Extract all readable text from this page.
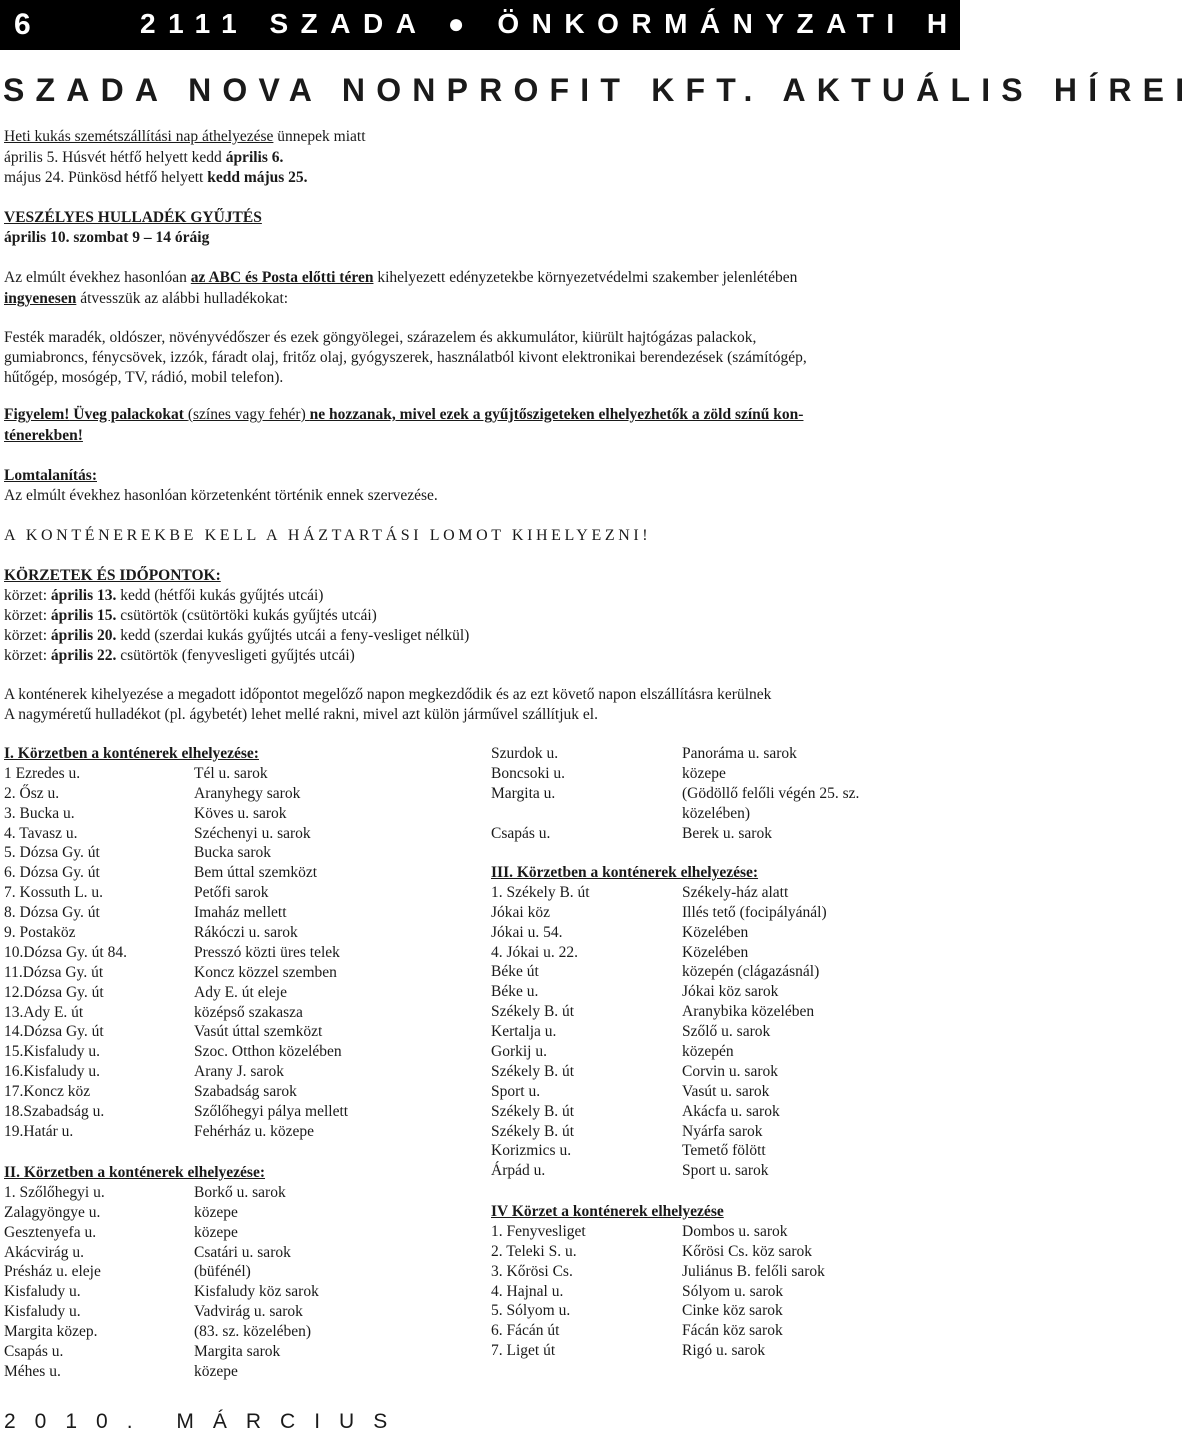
6	2111 SZADA ● ÖNKORMÁNYZATI HÍREK
SZADA NOVA NONPROFIT KFT. AKTUÁLIS HÍREI
Heti kukás szemétszállítási nap áthelyezése ünnepek miatt
április 5. Húsvét hétfő helyett kedd április 6.
május 24. Pünkösd hétfő helyett kedd május 25.
VESZÉLYES HULLADÉK GYŰJTÉS
április 10. szombat 9 – 14 óráig
Az elmúlt évekhez hasonlóan az ABC és Posta előtti téren kihelyezett edényzetekbe környezetvédelmi szakember jelenlétében
ingyenesen átvesszük az alábbi hulladékokat:
Festék maradék, oldószer, növényvédőszer és ezek göngyölegei, szárazelem és akkumulátor, kiürült hajtógázas palackok,
gumiabroncs, fénycsövek, izzók, fáradt olaj, fritőz olaj, gyógyszerek, használatból kivont elektronikai berendezések (számítógép,
hűtőgép, mosógép, TV, rádió, mobil telefon).
Figyelem! Üveg palackokat (színes vagy fehér) ne hozzanak, mivel ezek a gyűjtőszigeteken elhelyezhetők a zöld színű kon-
ténerekben!
Lomtalanítás:
Az elmúlt évekhez hasonlóan körzetenként történik ennek szervezése.
A KONTÉNEREKBE KELL A HÁZTARTÁSI LOMOT KIHELYEZNI!
KÖRZETEK ÉS IDŐPONTOK:
körzet: április 13. kedd (hétfői kukás gyűjtés utcái)
körzet: április 15. csütörtök (csütörtöki kukás gyűjtés utcái)
körzet: április 20. kedd (szerdai kukás gyűjtés utcái a feny-vesliget nélkül)
körzet: április 22. csütörtök (fenyvesligeti gyűjtés utcái)
A konténerek kihelyezése a megadott időpontot megelőző napon megkezdődik és az ezt követő napon elszállításra kerülnek
A nagyméretű hulladékot (pl. ágybetét) lehet mellé rakni, mivel azt külön járművel szállítjuk el.
I. Körzetben a konténerek elhelyezése:
1 Ezredes u.	Tél u. sarok
2. Ősz u.	Aranyhegy sarok
3. Bucka u.	Köves u. sarok
4. Tavasz u.	Széchenyi u. sarok
5. Dózsa Gy. út	Bucka sarok
6. Dózsa Gy. út	Bem úttal szemközt
7. Kossuth L. u.	Petőfi sarok
8. Dózsa Gy. út	Imaház mellett
9. Postaköz	Rákóczi u. sarok
10.Dózsa Gy. út 84.	Presszó közti üres telek
11.Dózsa Gy. út	Koncz közzel szemben
12.Dózsa Gy. út	Ady E. út eleje
13.Ady E. út	középső szakasza
14.Dózsa Gy. út	Vasút úttal szemközt
15.Kisfaludy u.	Szoc. Otthon közelében
16.Kisfaludy u.	Arany J. sarok
17.Koncz köz	Szabadság sarok
18.Szabadság u.	Szőlőhegyi pálya mellett
19.Határ u.	Fehérház u. közepe
II. Körzetben a konténerek elhelyezése:
1. Szőlőhegyi u.	Borkő u. sarok
Zalagyöngye u.	közepe
Gesztenyefa u.	közepe
Akácvirág u.	Csatári u. sarok
Présház u. eleje	(büfénél)
Kisfaludy u.	Kisfaludy köz sarok
Kisfaludy u.	Vadvirág u. sarok
Margita közep.	(83. sz. közelében)
Csapás u.	Margita sarok
Méhes u.	közepe
Szurdok u.	Panoráma u. sarok
Boncsoki u.	közepe
Margita u.	(Gödöllő felőli végén 25. sz.
közelében)
Csapás u.	Berek u. sarok
III. Körzetben a konténerek elhelyezése:
1. Székely B. út	Székely-ház alatt
Jókai köz	Illés tető (focipályánál)
Jókai u. 54.	Közelében
4. Jókai u. 22.	Közelében
Béke út	közepén (clágazásnál)
Béke u.	Jókai köz sarok
Székely B. út	Aranybika közelében
Kertalja u.	Szőlő u. sarok
Gorkij u.	közepén
Székely B. út	Corvin u. sarok
Sport u.	Vasút u. sarok
Székely B. út	Akácfa u. sarok
Székely B. út	Nyárfa sarok
Korizmics u.	Temető fölött
Árpád u.	Sport u. sarok
IV Körzet a konténerek elhelyezése
1. Fenyvesliget	Dombos u. sarok
2. Teleki S. u.	Kőrösi Cs. köz sarok
3. Kőrösi Cs.	Juliánus B. felőli sarok
4. Hajnal u.	Sólyom u. sarok
5. Sólyom u.	Cinke köz sarok
6. Fácán út	Fácán köz sarok
7. Liget út	Rigó u. sarok
2010. MÁRCIUS
